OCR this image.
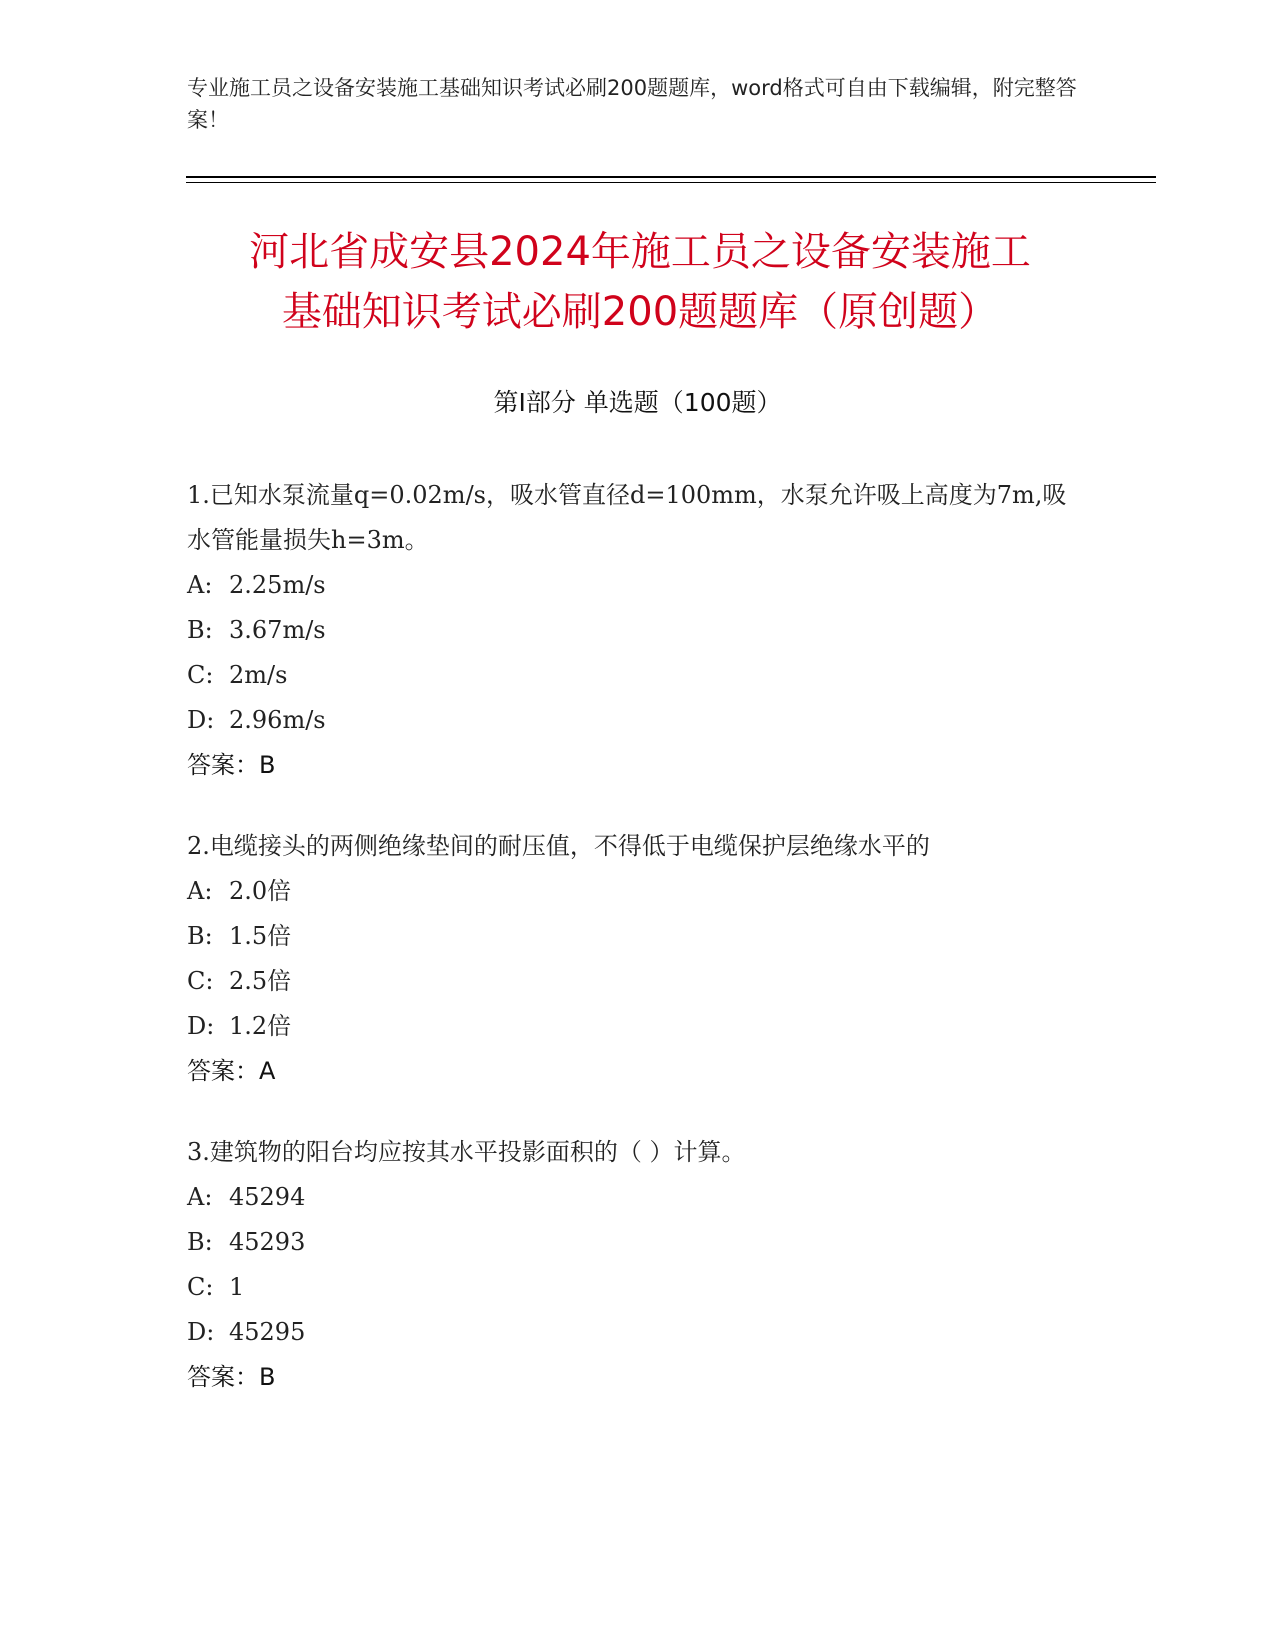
专业施工员之设备安装施工基础知识考试必刷200题题库，word格式可自由下载编辑，附完整答案！
河北省成安县2024年施工员之设备安装施工
基础知识考试必刷200题题库（原创题）
第Ⅰ部分 单选题（100题）

1.已知水泵流量q=0.02m/s，吸水管直径d=100mm，水泵允许吸上高度为7m,吸水管能量损失h=3m。

A: 2.25m/s
B: 3.67m/s
C: 2m/s
D: 2.96m/s
答案：B

2.电缆接头的两侧绝缘垫间的耐压值，不得低于电缆保护层绝缘水平的

A: 2.0倍
B: 1.5倍
C: 2.5倍
D: 1.2倍
答案：A

3.建筑物的阳台均应按其水平投影面积的（ ）计算。

A: 45294
B: 45293
C: 1
D: 45295
答案：B
